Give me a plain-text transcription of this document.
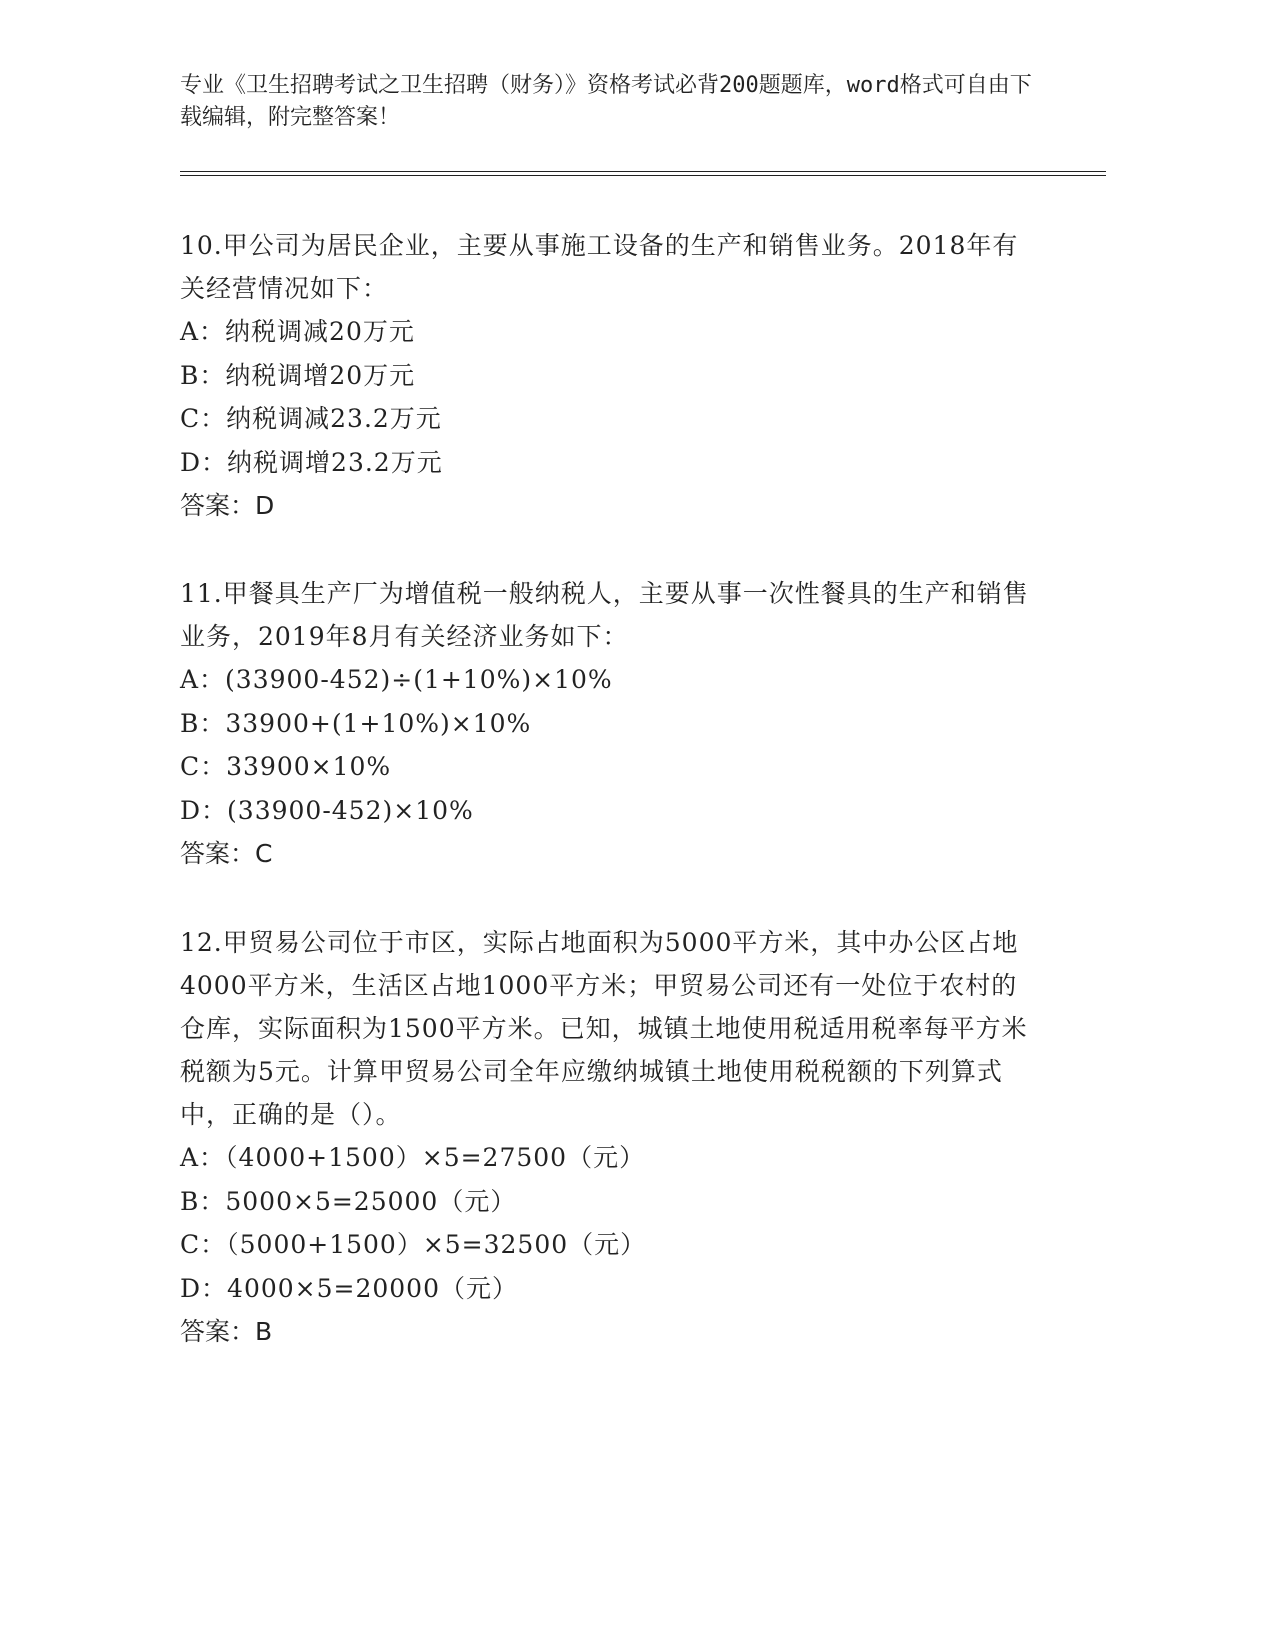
专业《卫生招聘考试之卫生招聘（财务）》资格考试必背200题题库，word格式可自由下载编辑，附完整答案！

10.甲公司为居民企业，主要从事施工设备的生产和销售业务。2018年有关经营情况如下：

A：纳税调减20万元
B：纳税调增20万元
C：纳税调减23.2万元
D：纳税调增23.2万元
答案：D

11.甲餐具生产厂为增值税一般纳税人，主要从事一次性餐具的生产和销售业务，2019年8月有关经济业务如下：

A：(33900-452)÷(1+10%)×10%
B：33900+(1+10%)×10%
C：33900×10%
D：(33900-452)×10%
答案：C

12.甲贸易公司位于市区，实际占地面积为5000平方米，其中办公区占地4000平方米，生活区占地1000平方米；甲贸易公司还有一处位于农村的仓库，实际面积为1500平方米。已知，城镇土地使用税适用税率每平方米税额为5元。计算甲贸易公司全年应缴纳城镇土地使用税税额的下列算式中，正确的是（）。

A：（4000+1500）×5=27500（元）
B：5000×5=25000（元）
C：（5000+1500）×5=32500（元）
D：4000×5=20000（元）
答案：B
